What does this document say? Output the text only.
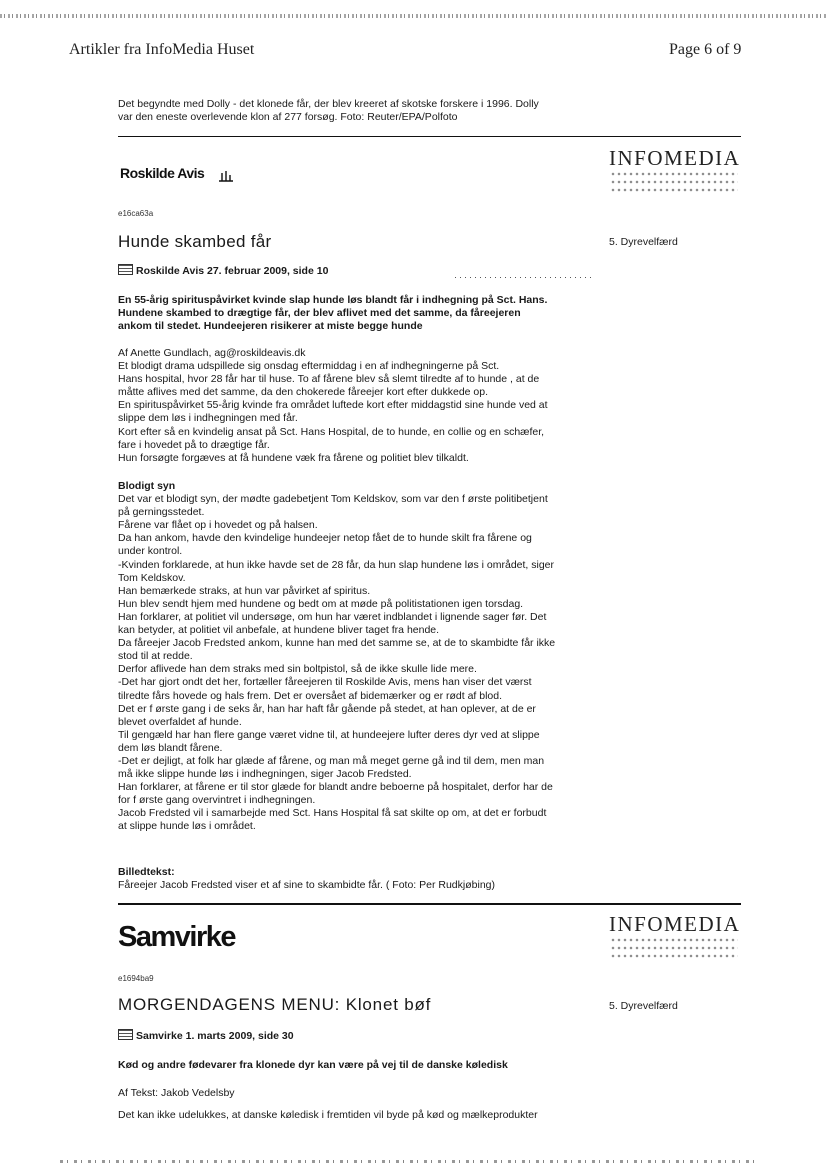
Artikler fra InfoMedia Huset	Page 6 of 9
Det begyndte med Dolly - det klonede får, der blev kreeret af skotske forskere i 1996. Dolly
var den eneste overlevende klon af 277 forsøg. Foto: Reuter/EPA/Polfoto
Roskilde Avis
INFOMEDIA
e16ca63a
Hunde skambed får	5. Dyrevelfærd
Roskilde Avis 27. februar 2009, side 10
En 55-årig spirituspåvirket kvinde slap hunde løs blandt får i indhegning på Sct. Hans.
Hundene skambed to drægtige får, der blev aflivet med det samme, da fåreejeren
ankom til stedet. Hundeejeren risikerer at miste begge hunde
Af Anette Gundlach, ag@roskildeavis.dk
Et blodigt drama udspillede sig onsdag eftermiddag i en af indhegningerne på Sct.
Hans hospital, hvor 28 får har til huse. To af fårene blev så slemt tilredte af to hunde , at de
måtte aflives med det samme, da den chokerede fåreejer kort efter dukkede op.
En spirituspåvirket 55-årig kvinde fra området luftede kort efter middagstid sine hunde ved at
slippe dem løs i indhegningen med får.
Kort efter så en kvindelig ansat på Sct. Hans Hospital, de to hunde, en collie og en schæfer,
fare i hovedet på to drægtige får.
Hun forsøgte forgæves at få hundene væk fra fårene og politiet blev tilkaldt.
Blodigt syn
Det var et blodigt syn, der mødte gadebetjent Tom Keldskov, som var den f ørste politibetjent
på gerningsstedet.
Fårene var flået op i hovedet og på halsen.
Da han ankom, havde den kvindelige hundeejer netop fået de to hunde skilt fra fårene og
under kontrol.
-Kvinden forklarede, at hun ikke havde set de 28 får, da hun slap hundene løs i området, siger
Tom Keldskov.
Han bemærkede straks, at hun var påvirket af spiritus.
Hun blev sendt hjem med hundene og bedt om at møde på politistationen igen torsdag.
Han forklarer, at politiet vil undersøge, om hun har været indblandet i lignende sager før. Det
kan betyder, at politiet vil anbefale, at hundene bliver taget fra hende.
Da fåreejer Jacob Fredsted ankom, kunne han med det samme se, at de to skambidte får ikke
stod til at redde.
Derfor aflivede han dem straks med sin boltpistol, så de ikke skulle lide mere.
-Det har gjort ondt det her, fortæller fåreejeren til Roskilde Avis, mens han viser det værst
tilredte fårs hovede og hals frem. Det er oversået af bidemærker og er rødt af blod.
Det er f ørste gang i de seks år, han har haft får gående på stedet, at han oplever, at de er
blevet overfaldet af hunde.
Til gengæld har han flere gange været vidne til, at hundeejere lufter deres dyr ved at slippe
dem løs blandt fårene.
-Det er dejligt, at folk har glæde af fårene, og man må meget gerne gå ind til dem, men man
må ikke slippe hunde løs i indhegningen, siger Jacob Fredsted.
Han forklarer, at fårene er til stor glæde for blandt andre beboerne på hospitalet, derfor har de
for f ørste gang overvintret i indhegningen.
Jacob Fredsted vil i samarbejde med Sct. Hans Hospital få sat skilte op om, at det er forbudt
at slippe hunde løs i området.
Billedtekst:
Fåreejer Jacob Fredsted viser et af sine to skambidte får. ( Foto: Per Rudkjøbing)
Samvirke	INFOMEDIA
e1694ba9
MORGENDAGENS MENU: Klonet bøf	5. Dyrevelfærd
Samvirke 1. marts 2009, side 30
Kød og andre fødevarer fra klonede dyr kan være på vej til de danske køledisk
Af Tekst: Jakob Vedelsby
Det kan ikke udelukkes, at danske køledisk i fremtiden vil byde på kød og mælkeprodukter
